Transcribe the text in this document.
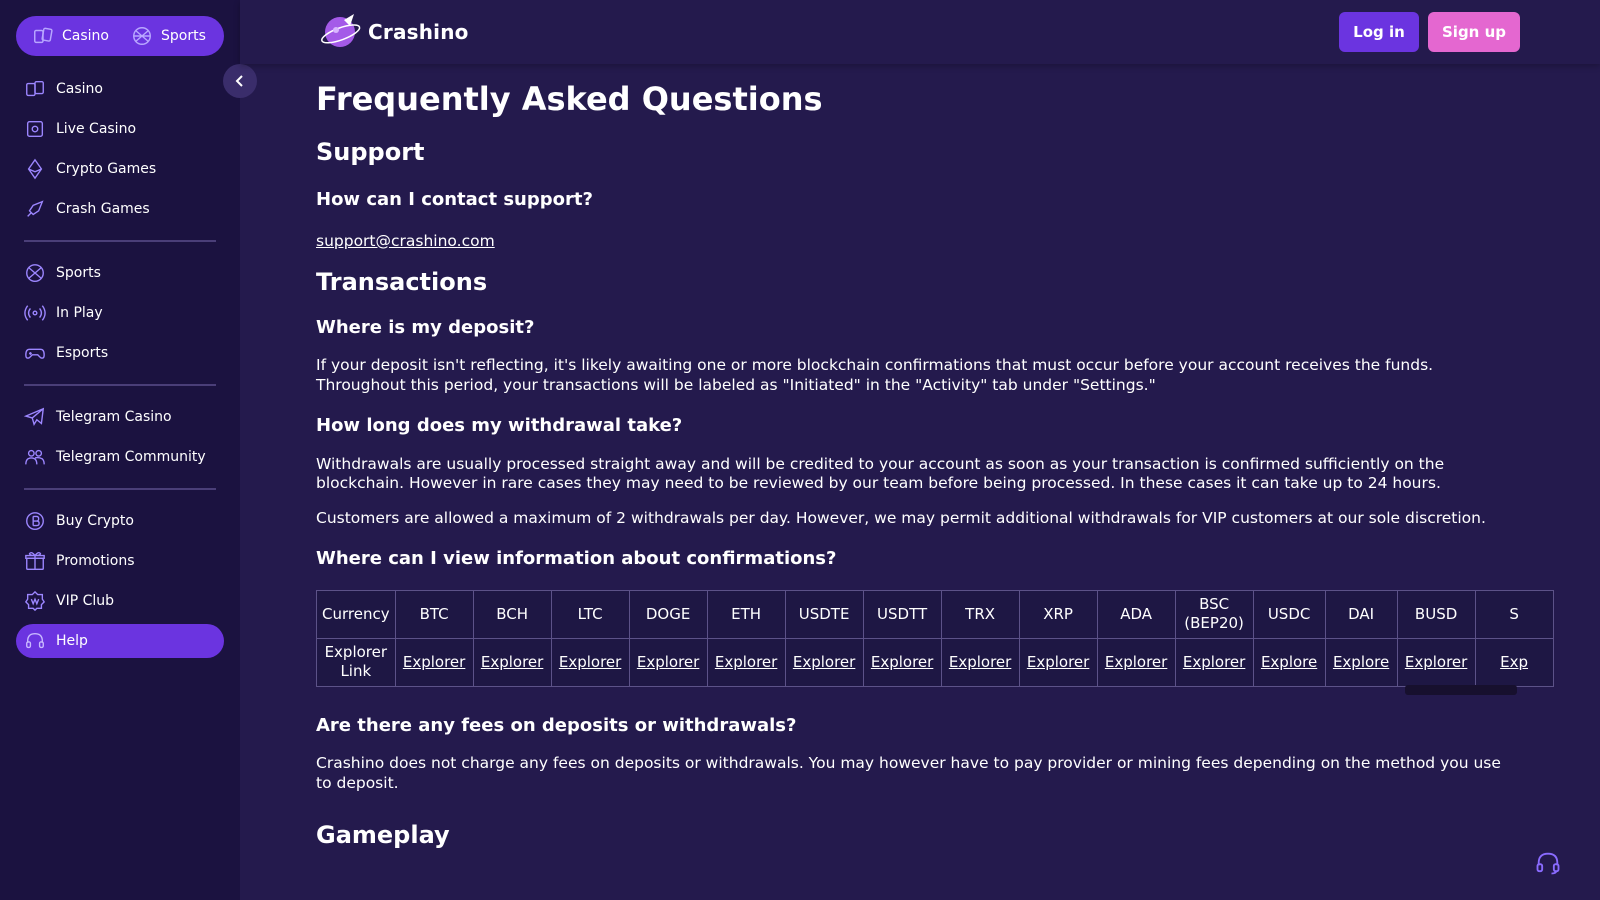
Casino	Sports
Casino
Live Casino
Crypto Games
Crash Games
Sports
In Play
Esports
Telegram Casino
Telegram Community
Buy Crypto
Promotions
VIP Club
Help
Crashino	Log in	Sign up
Frequently Asked Questions
Support
How can I contact support?
support@crashino.com
Transactions
Where is my deposit?

If your deposit isn't reflecting, it's likely awaiting one or more blockchain confirmations that must occur before your account receives the funds. Throughout this period, your transactions will be labeled as "Initiated" in the "Activity" tab under "Settings."

How long does my withdrawal take?

Withdrawals are usually processed straight away and will be credited to your account as soon as your transaction is confirmed sufficiently on the blockchain. However in rare cases they may need to be reviewed by our team before being processed. In these cases it can take up to 24 hours.

Customers are allowed a maximum of 2 withdrawals per day. However, we may permit additional withdrawals for VIP customers at our sole discretion.

Where can I view information about confirmations?
Currency	BTC	BCH	LTC	DOGE	ETH	USDTE	USDTT	TRX	XRP	ADA	BSC (BEP20)	USDC	DAI	BUSD	S
Explorer Link	Explorer	Explorer	Explorer	Explorer	Explorer	Explorer	Explorer	Explorer	Explorer	Explorer	Explorer	Explore	Explore	Explorer	Exp
Are there any fees on deposits or withdrawals?

Crashino does not charge any fees on deposits or withdrawals. You may however have to pay provider or mining fees depending on the method you use to deposit.

Gameplay
